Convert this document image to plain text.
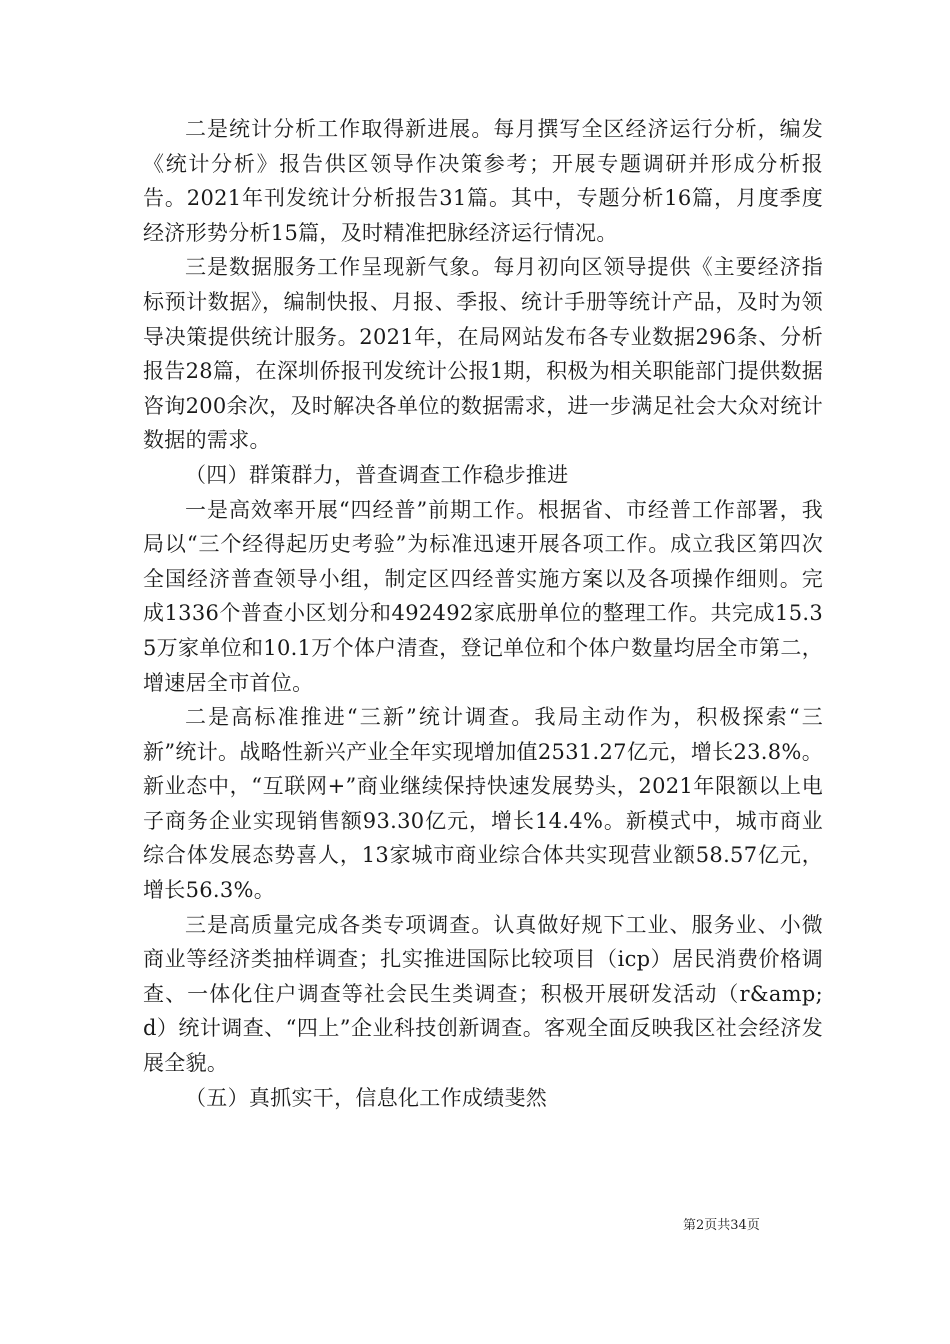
二是统计分析工作取得新进展。每月撰写全区经济运行分析，编发《统计分析》报告供区领导作决策参考；开展专题调研并形成分析报告。2021年刊发统计分析报告31篇。其中，专题分析16篇，月度季度经济形势分析15篇，及时精准把脉经济运行情况。

三是数据服务工作呈现新气象。每月初向区领导提供《主要经济指标预计数据》，编制快报、月报、季报、统计手册等统计产品，及时为领导决策提供统计服务。2021年，在局网站发布各专业数据296条、分析报告28篇，在深圳侨报刊发统计公报1期，积极为相关职能部门提供数据咨询200余次，及时解决各单位的数据需求，进一步满足社会大众对统计数据的需求。

（四）群策群力，普查调查工作稳步推进

一是高效率开展“四经普”前期工作。根据省、市经普工作部署，我局以“三个经得起历史考验”为标准迅速开展各项工作。成立我区第四次全国经济普查领导小组，制定区四经普实施方案以及各项操作细则。完成1336个普查小区划分和492492家底册单位的整理工作。共完成15.35万家单位和10.1万个体户清查，登记单位和个体户数量均居全市第二，增速居全市首位。

二是高标准推进“三新”统计调查。我局主动作为，积极探索“三新”统计。战略性新兴产业全年实现增加值2531.27亿元，增长23.8%。新业态中，“互联网+”商业继续保持快速发展势头，2021年限额以上电子商务企业实现销售额93.30亿元，增长14.4%。新模式中，城市商业综合体发展态势喜人，13家城市商业综合体共实现营业额58.57亿元，增长56.3%。

三是高质量完成各类专项调查。认真做好规下工业、服务业、小微商业等经济类抽样调查；扎实推进国际比较项目（icp）居民消费价格调查、一体化住户调查等社会民生类调查；积极开展研发活动（r&amp;d）统计调查、“四上”企业科技创新调查。客观全面反映我区社会经济发展全貌。

（五）真抓实干，信息化工作成绩斐然

第2页共34页
